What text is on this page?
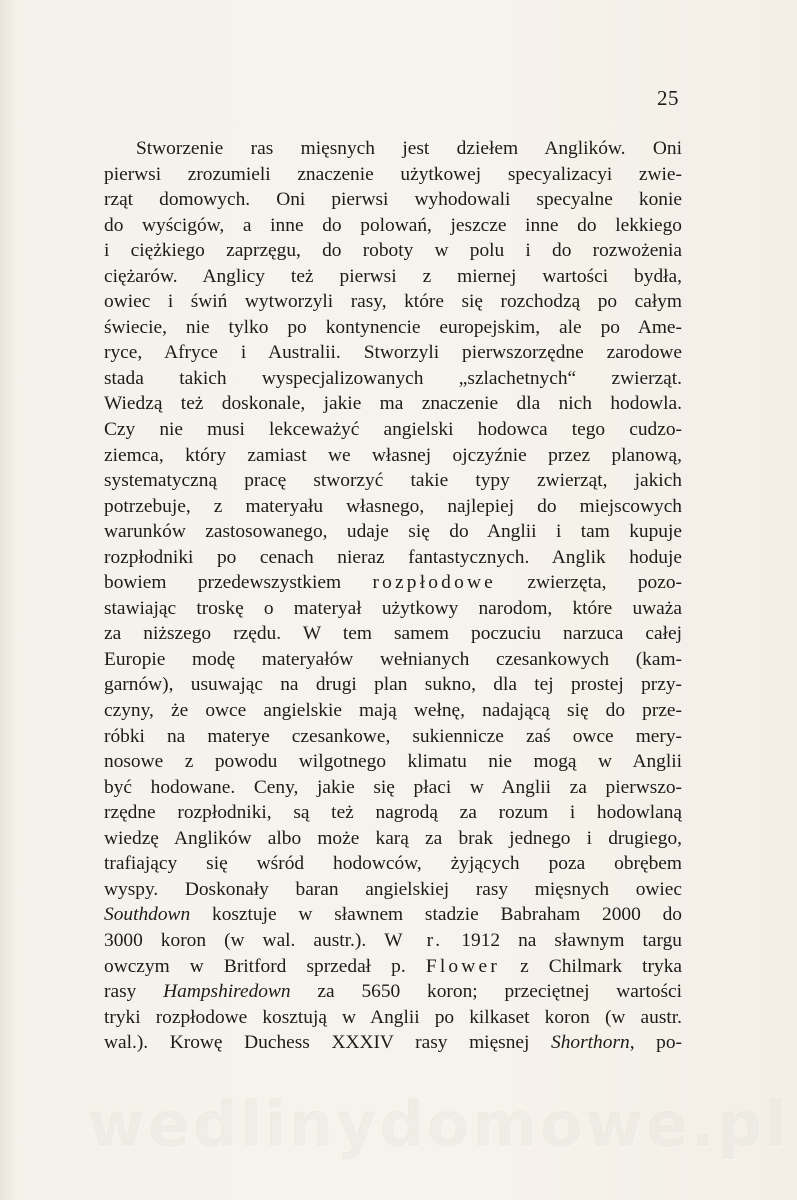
25
Stworzenie ras mięsnych jest dziełem Anglików. Oni
pierwsi zrozumieli znaczenie użytkowej specyalizacyi zwie-
rząt domowych. Oni pierwsi wyhodowali specyalne konie
do wyścigów, a inne do polowań, jeszcze inne do lekkiego
i ciężkiego zaprzęgu, do roboty w polu i do rozwożenia
ciężarów. Anglicy też pierwsi z miernej wartości bydła,
owiec i świń wytworzyli rasy, które się rozchodzą po całym
świecie, nie tylko po kontynencie europejskim, ale po Ame-
ryce, Afryce i Australii. Stworzyli pierwszorzędne zarodowe
stada takich wyspecjalizowanych „szlachetnych“ zwierząt.
Wiedzą też doskonale, jakie ma znaczenie dla nich hodowla.
Czy nie musi lekceważyć angielski hodowca tego cudzo-
ziemca, który zamiast we własnej ojczyźnie przez planową,
systematyczną pracę stworzyć takie typy zwierząt, jakich
potrzebuje, z materyału własnego, najlepiej do miejscowych
warunków zastosowanego, udaje się do Anglii i tam kupuje
rozpłodniki po cenach nieraz fantastycznych. Anglik hoduje
bowiem przedewszystkiem rozpłodowe zwierzęta, pozo-
stawiając troskę o materyał użytkowy narodom, które uważa
za niższego rzędu. W tem samem poczuciu narzuca całej
Europie modę materyałów wełnianych czesankowych (kam-
garnów), usuwając na drugi plan sukno, dla tej prostej przy-
czyny, że owce angielskie mają wełnę, nadającą się do prze-
róbki na materye czesankowe, sukiennicze zaś owce mery-
nosowe z powodu wilgotnego klimatu nie mogą w Anglii
być hodowane. Ceny, jakie się płaci w Anglii za pierwszo-
rzędne rozpłodniki, są też nagrodą za rozum i hodowlaną
wiedzę Anglików albo może karą za brak jednego i drugiego,
trafiający się wśród hodowców, żyjących poza obrębem
wyspy. Doskonały baran angielskiej rasy mięsnych owiec
Southdown kosztuje w sławnem stadzie Babraham 2000 do
3000 koron (w wal. austr.). W r. 1912 na sławnym targu
owczym w Britford sprzedał p. Flower z Chilmark tryka
rasy Hampshiredown za 5650 koron; przeciętnej wartości
tryki rozpłodowe kosztują w Anglii po kilkaset koron (w austr.
wal.). Krowę Duchess XXXIV rasy mięsnej Shorthorn, po-
wedlinydomowe.pl
